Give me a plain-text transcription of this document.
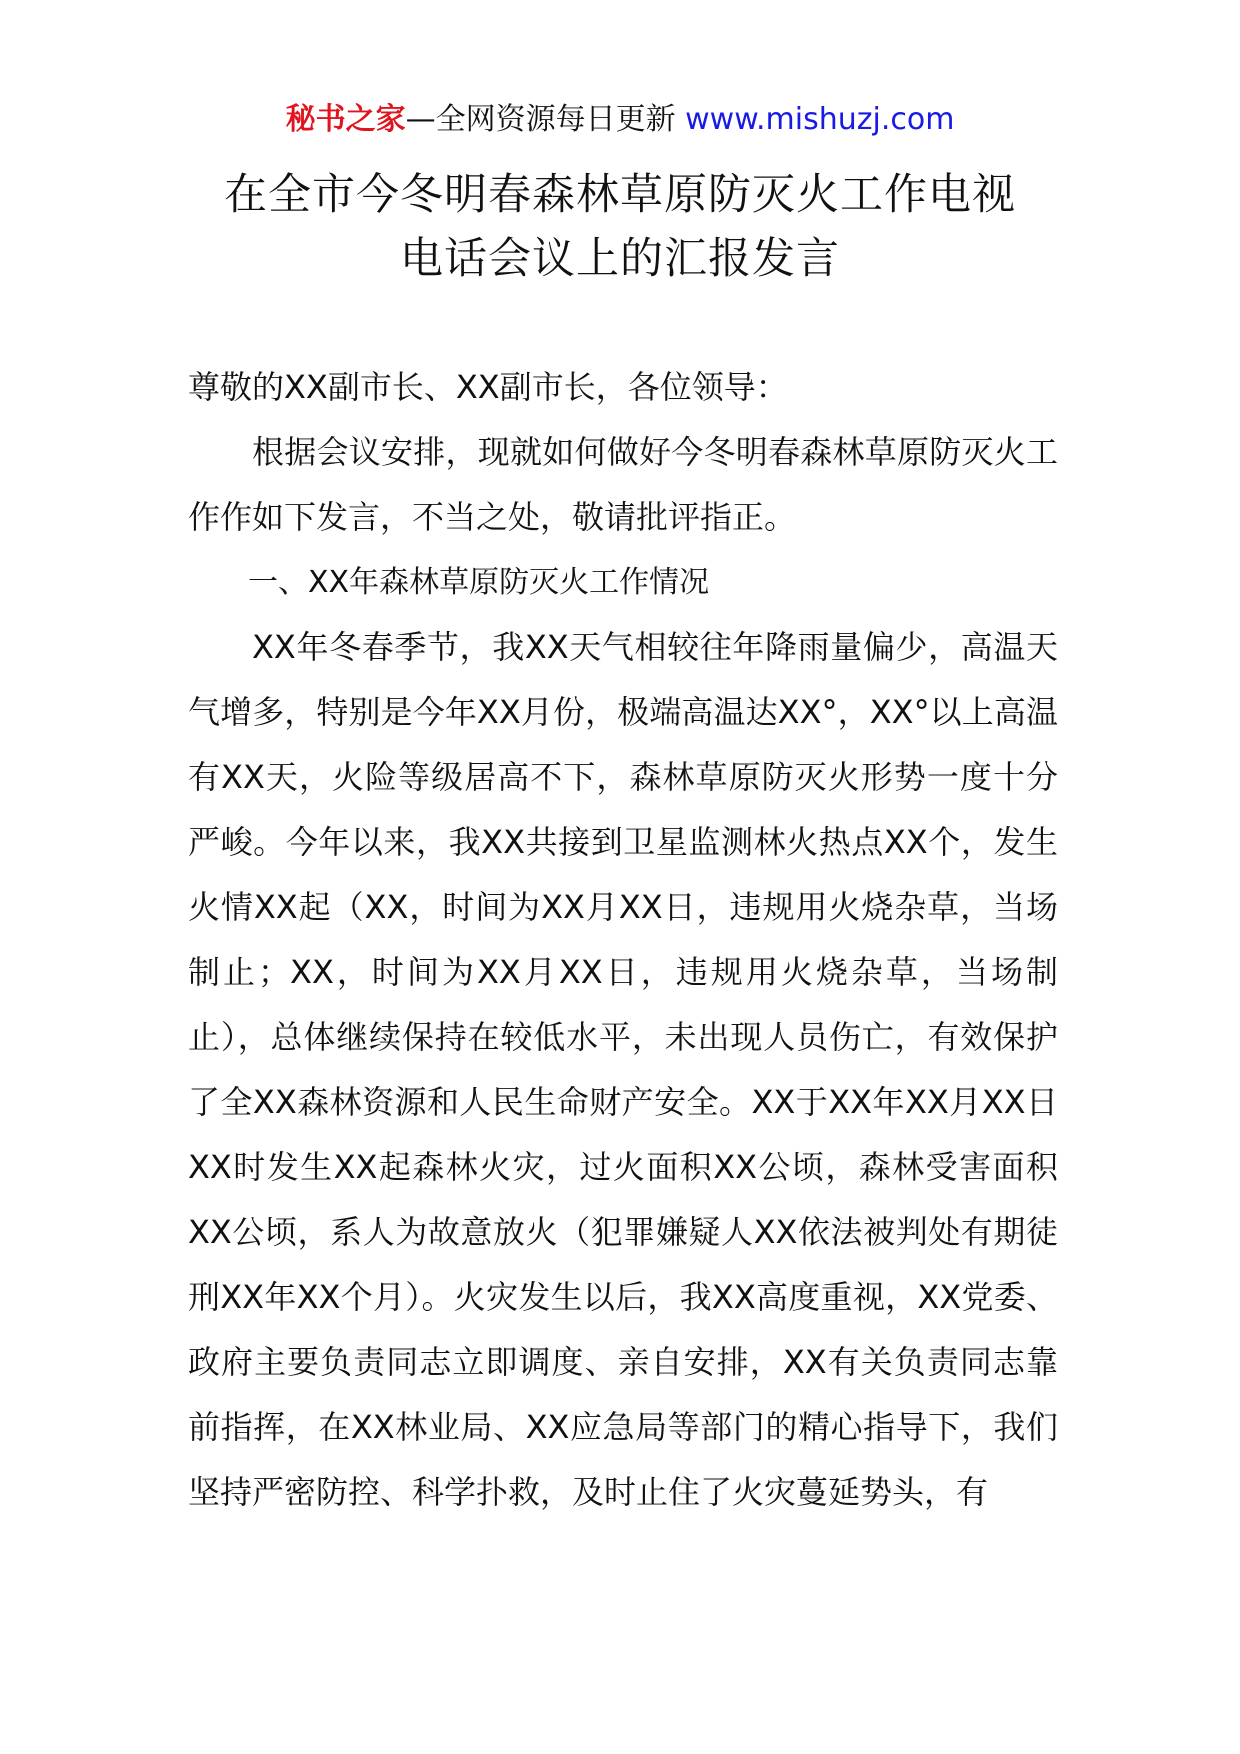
秘书之家—全网资源每日更新 www.mishuzj.com
在全市今冬明春森林草原防灭火工作电视
电话会议上的汇报发言

尊敬的XX副市长、XX副市长，各位领导：

根据会议安排，现就如何做好今冬明春森林草原防灭火工作作如下发言，不当之处，敬请批评指正。

一、XX年森林草原防灭火工作情况

XX年冬春季节，我XX天气相较往年降雨量偏少，高温天气增多，特别是今年XX月份，极端高温达XX°，XX°以上高温有XX天，火险等级居高不下，森林草原防灭火形势一度十分严峻。今年以来，我XX共接到卫星监测林火热点XX个，发生火情XX起（XX，时间为XX月XX日，违规用火烧杂草，当场制止；XX，时间为XX月XX日，违规用火烧杂草，当场制止），总体继续保持在较低水平，未出现人员伤亡，有效保护了全XX森林资源和人民生命财产安全。XX于XX年XX月XX日XX时发生XX起森林火灾，过火面积XX公顷，森林受害面积XX公顷，系人为故意放火（犯罪嫌疑人XX依法被判处有期徒刑XX年XX个月）。火灾发生以后，我XX高度重视，XX党委、政府主要负责同志立即调度、亲自安排，XX有关负责同志靠前指挥，在XX林业局、XX应急局等部门的精心指导下，我们坚持严密防控、科学扑救，及时止住了火灾蔓延势头，有
